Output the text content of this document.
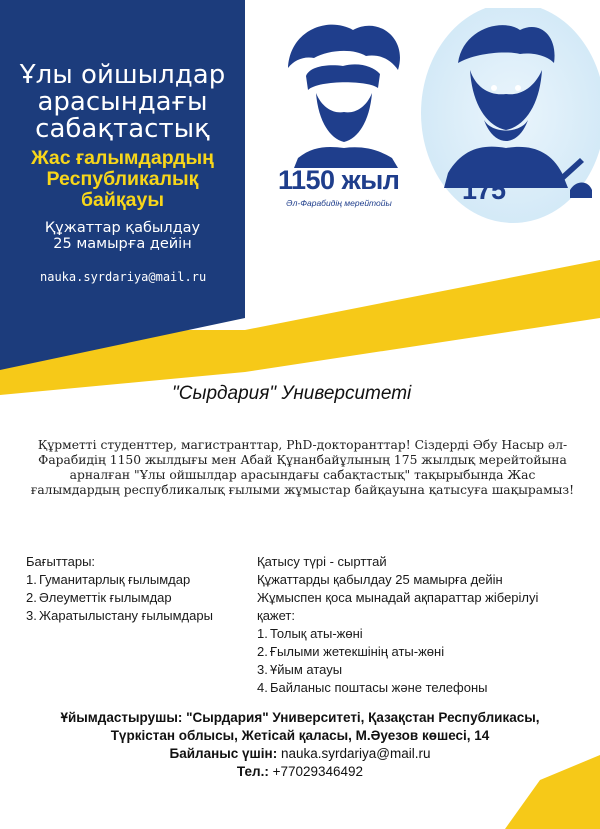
Ұлы ойшылдар
арасындағы
сабақтастық
Жас ғалымдардың
Республикалық
байқауы
Құжаттар қабылдау
25 мамырға дейін
nauka.syrdariya@mail.ru
1150 жыл
Әл-Фарабидің мерейтойы	175
"Сырдария" Университеті
Құрметті студенттер, магистранттар, PhD-докторанттар! Сіздерді Әбу Насыр әл-Фарабидің 1150 жылдығы мен Абай Құнанбайұлының 175 жылдық мерейтойына арналған "Ұлы ойшылдар арасындағы сабақтастық" тақырыбында Жас ғалымдардың республикалық ғылыми жұмыстар байқауына қатысуға шақырамыз!
Бағыттары:
1. Гуманитарлық ғылымдар
2. Әлеуметтік ғылымдар
3. Жаратылыстану ғылымдары
Қатысу түрі - сырттай
Құжаттарды қабылдау 25 мамырға дейін
Жұмыспен қоса мынадай ақпараттар жіберілуі
қажет:
1. Толық аты-жөні
2. Ғылыми жетекшінің аты-жөні
3. Ұйым атауы
4. Байланыс поштасы және телефоны
Ұйымдастырушы: "Сырдария" Университеті, Қазақстан Республикасы,
Түркістан облысы, Жетісай қаласы, М.Әуезов көшесі, 14
Байланыс үшін: nauka.syrdariya@mail.ru
Тел.: +77029346492
